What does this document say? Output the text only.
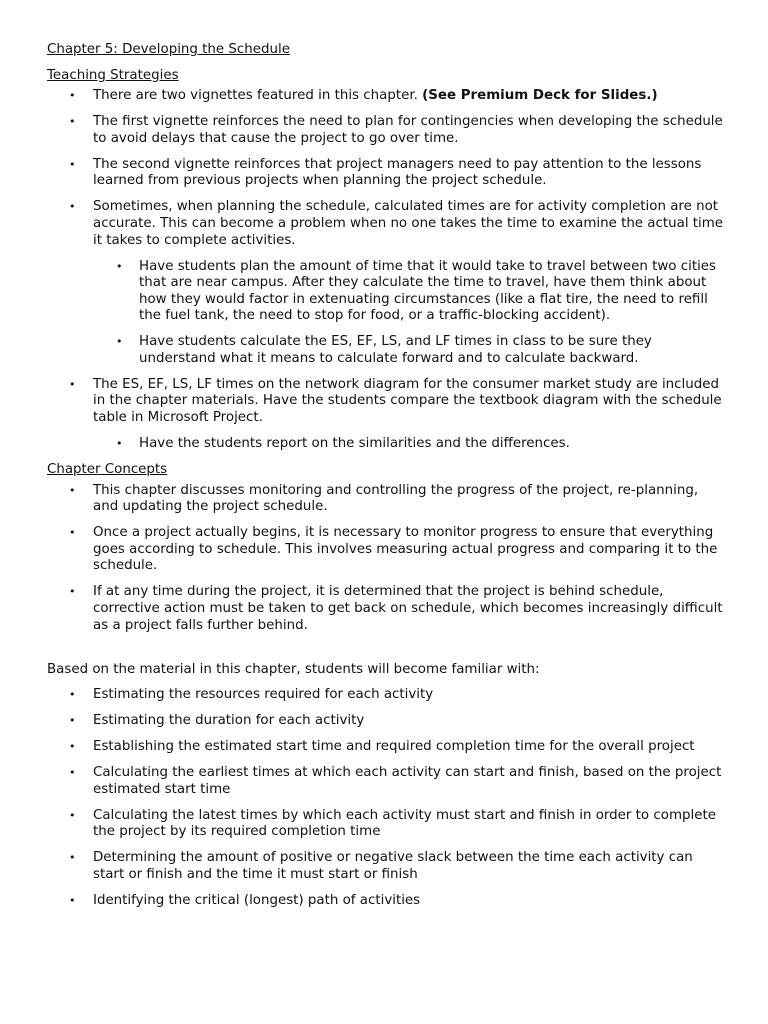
Chapter 5: Developing the Schedule

Teaching Strategies

• There are two vignettes featured in this chapter. (See Premium Deck for Slides.)
• The first vignette reinforces the need to plan for contingencies when developing the schedule to avoid delays that cause the project to go over time.
• The second vignette reinforces that project managers need to pay attention to the lessons learned from previous projects when planning the project schedule.
• Sometimes, when planning the schedule, calculated times are for activity completion are not accurate. This can become a problem when no one takes the time to examine the actual time it takes to complete activities.
• Have students plan the amount of time that it would take to travel between two cities that are near campus. After they calculate the time to travel, have them think about how they would factor in extenuating circumstances (like a flat tire, the need to refill the fuel tank, the need to stop for food, or a traffic-blocking accident).
• Have students calculate the ES, EF, LS, and LF times in class to be sure they understand what it means to calculate forward and to calculate backward.
• The ES, EF, LS, LF times on the network diagram for the consumer market study are included in the chapter materials. Have the students compare the textbook diagram with the schedule table in Microsoft Project.
• Have the students report on the similarities and the differences.

Chapter Concepts

• This chapter discusses monitoring and controlling the progress of the project, re-planning, and updating the project schedule.
• Once a project actually begins, it is necessary to monitor progress to ensure that everything goes according to schedule. This involves measuring actual progress and comparing it to the schedule.
• If at any time during the project, it is determined that the project is behind schedule, corrective action must be taken to get back on schedule, which becomes increasingly difficult as a project falls further behind.

Based on the material in this chapter, students will become familiar with:

• Estimating the resources required for each activity
• Estimating the duration for each activity
• Establishing the estimated start time and required completion time for the overall project
• Calculating the earliest times at which each activity can start and finish, based on the project estimated start time
• Calculating the latest times by which each activity must start and finish in order to complete the project by its required completion time
• Determining the amount of positive or negative slack between the time each activity can start or finish and the time it must start or finish
• Identifying the critical (longest) path of activities
